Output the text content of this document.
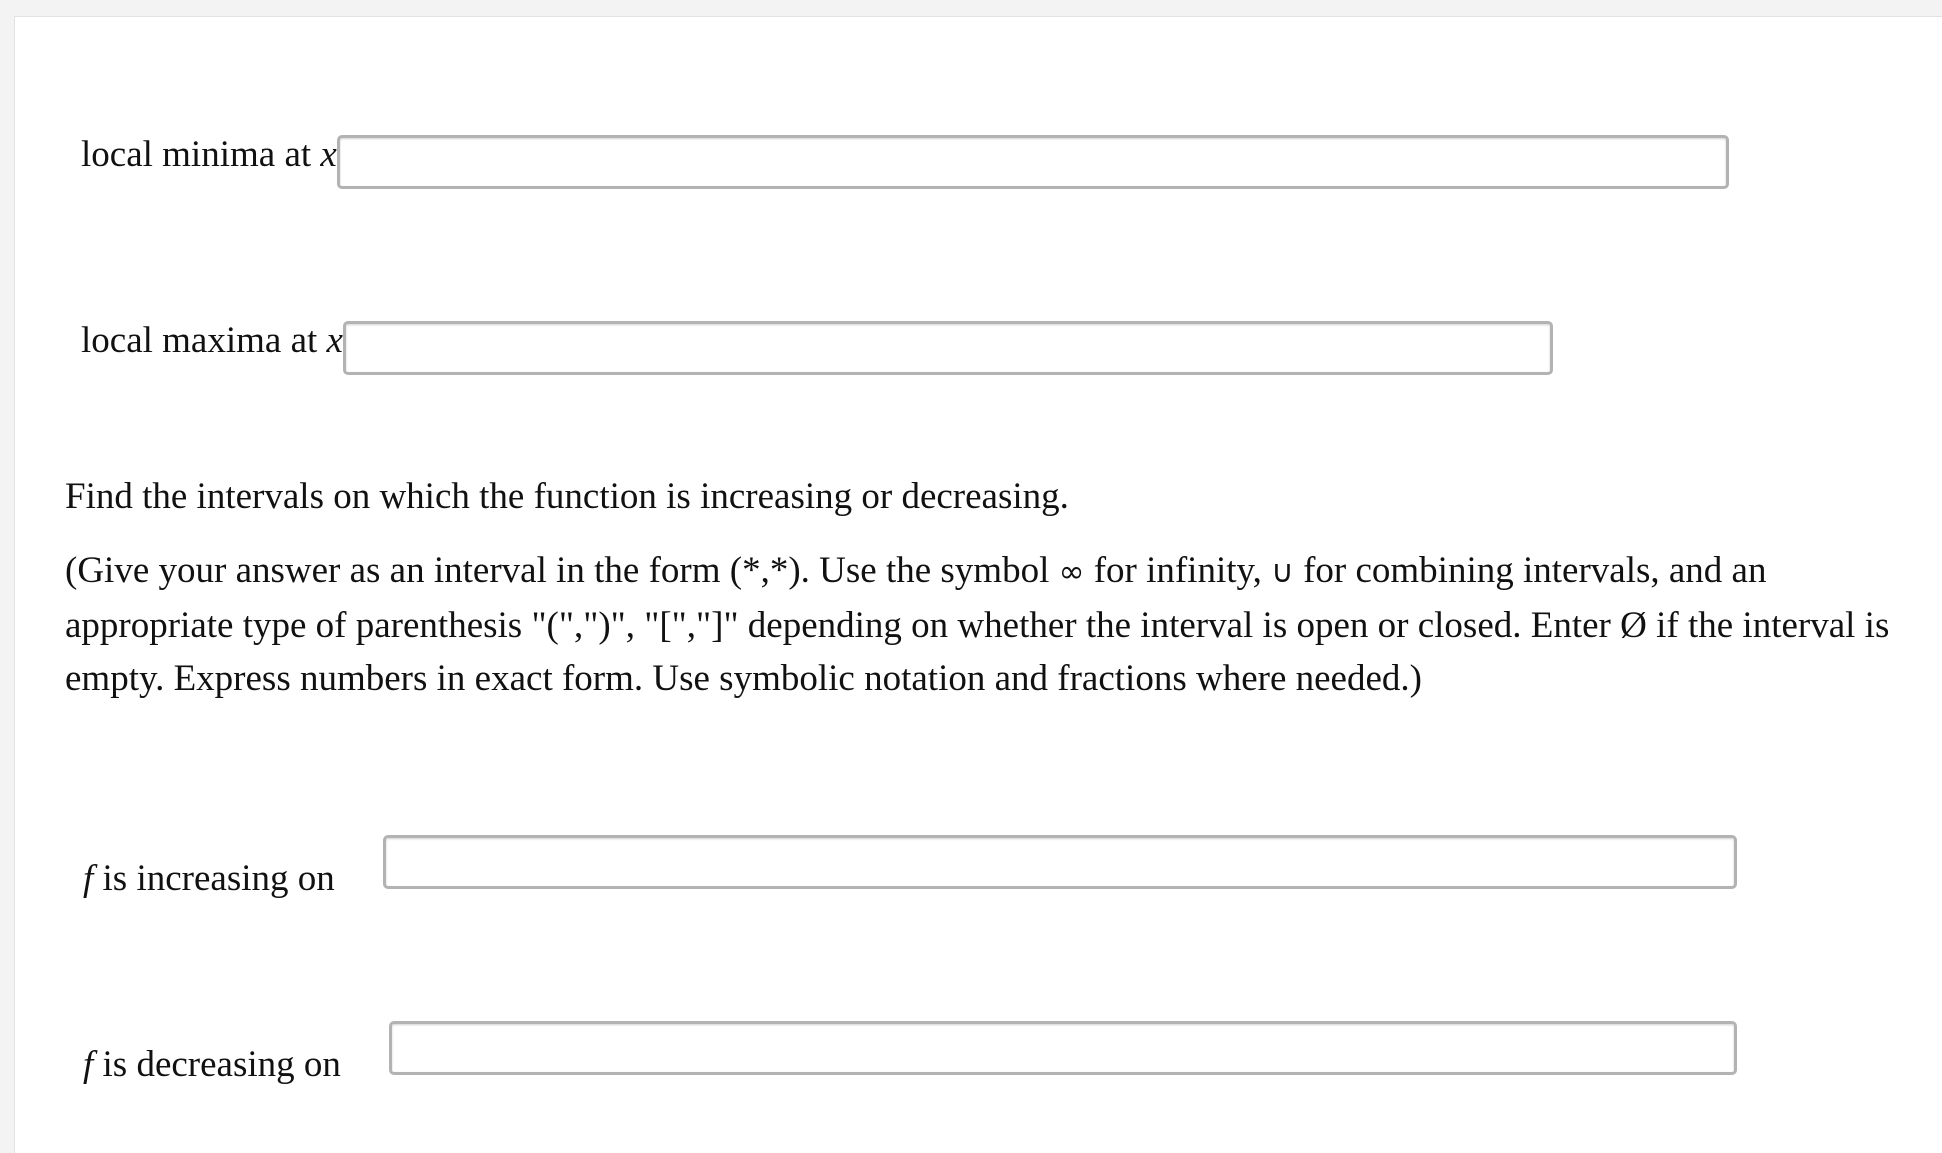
local minima at x
local maxima at x

Find the intervals on which the function is increasing or decreasing.

(Give your answer as an interval in the form (*,*). Use the symbol ∞ for infinity, ∪ for combining intervals, and an appropriate type of parenthesis "(",")", "[","]" depending on whether the interval is open or closed. Enter Ø if the interval is empty. Express numbers in exact form. Use symbolic notation and fractions where needed.)

f is increasing on
f is decreasing on
